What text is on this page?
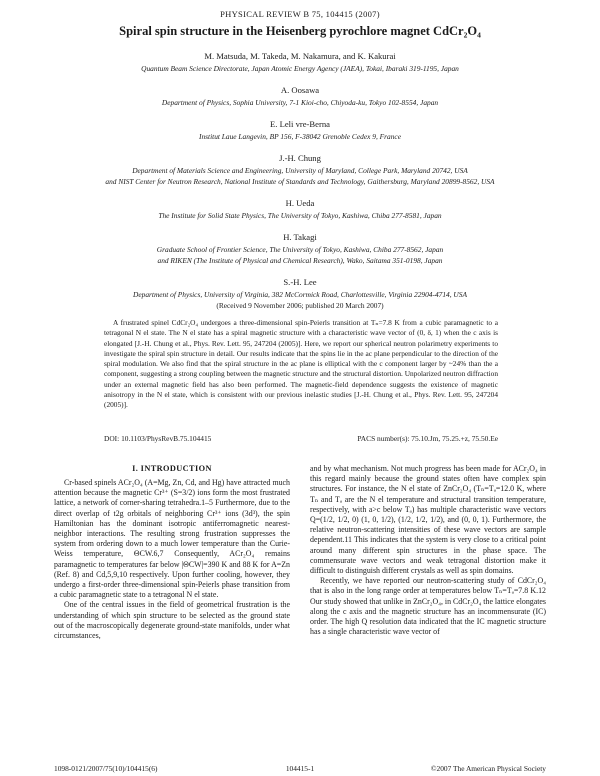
PHYSICAL REVIEW B 75, 104415 (2007)
Spiral spin structure in the Heisenberg pyrochlore magnet CdCr₂O₄
M. Matsuda, M. Takeda, M. Nakamura, and K. Kakurai
Quantum Beam Science Directorate, Japan Atomic Energy Agency (JAEA), Tokai, Ibaraki 319-1195, Japan
A. Oosawa
Department of Physics, Sophia University, 7-1 Kioi-cho, Chiyoda-ku, Tokyo 102-8554, Japan
E. Leli vre-Berna
Institut Laue Langevin, BP 156, F-38042 Grenoble Cedex 9, France
J.-H. Chung
Department of Materials Science and Engineering, University of Maryland, College Park, Maryland 20742, USA
and NIST Center for Neutron Research, National Institute of Standards and Technology, Gaithersburg, Maryland 20899-8562, USA
H. Ueda
The Institute for Solid State Physics, The University of Tokyo, Kashiwa, Chiba 277-8581, Japan
H. Takagi
Graduate School of Frontier Science, The University of Tokyo, Kashiwa, Chiba 277-8562, Japan
and RIKEN (The Institute of Physical and Chemical Research), Wako, Saitama 351-0198, Japan
S.-H. Lee
Department of Physics, University of Virginia, 382 McCormick Road, Charlottesville, Virginia 22904-4714, USA
(Received 9 November 2006; published 20 March 2007)

A frustrated spinel CdCr₂O₄ undergoes a three-dimensional spin-Peierls transition at Tₙ=7.8 K from a cubic paramagnetic to a tetragonal N el state. The N el state has a spiral magnetic structure with a characteristic wave vector of (0, δ, 1) when the c axis is elongated [J.-H. Chung et al., Phys. Rev. Lett. 95, 247204 (2005)]. Here, we report our spherical neutron polarimetry experiments to investigate the spiral spin structure in detail. Our results indicate that the spins lie in the ac plane perpendicular to the direction of the spiral modulation. We also find that the spiral structure in the ac plane is elliptical with the c component larger by ~24% than the a component, suggesting a strong coupling between the magnetic structure and the structural distortion. Unpolarized neutron diffraction under an external magnetic field has also been performed. The magnetic-field dependence suggests the existence of magnetic anisotropy in the N el state, which is consistent with our previous inelastic studies [J.-H. Chung et al., Phys. Rev. Lett. 95, 247204 (2005)].

DOI: 10.1103/PhysRevB.75.104415	PACS number(s): 75.10.Jm, 75.25.+z, 75.50.Ee
I. INTRODUCTION

Cr-based spinels ACr₂O₄ (A=Mg, Zn, Cd, and Hg) have attracted much attention because the magnetic Cr³⁺ (S=3/2) ions form the most frustrated lattice, a network of corner-sharing tetrahedra.1–5 Furthermore, due to the direct overlap of t2g orbitals of neighboring Cr³⁺ ions (3d³), the spin Hamiltonian has the dominant isotropic antiferromagnetic nearest-neighbor interactions. The resulting strong frustration suppresses the system from ordering down to a much lower temperature than the Curie-Weiss temperature, ΘCW.6,7 Consequently, ACr₂O₄ remains paramagnetic to temperatures far below |ΘCW|=390 K and 88 K for A=Zn (Ref. 8) and Cd,5,9,10 respectively. Upon further cooling, however, they undergo a first-order three-dimensional spin-Peierls phase transition from a cubic paramagnetic state to a tetragonal N el state.

One of the central issues in the field of geometrical frustration is the understanding of which spin structure to be selected as the ground state out of the macroscopically degenerate ground-state manifolds, under what circumstances,

and by what mechanism. Not much progress has been made for ACr₂O₄ in this regard mainly because the ground states often have complex spin structures. For instance, the N el state of ZnCr₂O₄ (Tₙ=Tₐ=12.0 K, where Tₙ and Tₐ are the N el temperature and structural transition temperature, respectively, with a>c below Tₐ) has multiple characteristic wave vectors Q=(1/2, 1/2, 0) (1, 0, 1/2), (1/2, 1/2, 1/2), and (0, 0, 1). Furthermore, the relative neutron-scattering intensities of these wave vectors are sample dependent.11 This indicates that the system is very close to a critical point around many different spin structures in the phase space. The commensurate wave vectors and weak tetragonal distortion make it difficult to distinguish different crystals as well as spin domains.

Recently, we have reported our neutron-scattering study of CdCr₂O₄ that is also in the long range order at temperatures below Tₙ=Tₐ=7.8 K.12 Our study showed that unlike in ZnCr₂O₄, in CdCr₂O₄ the lattice elongates along the c axis and the magnetic structure has an incommensurate (IC) order. The high Q resolution data indicated that the IC magnetic structure has a single characteristic wave vector of

1098-0121/2007/75(10)/104415(6)	104415-1	©2007 The American Physical Society
